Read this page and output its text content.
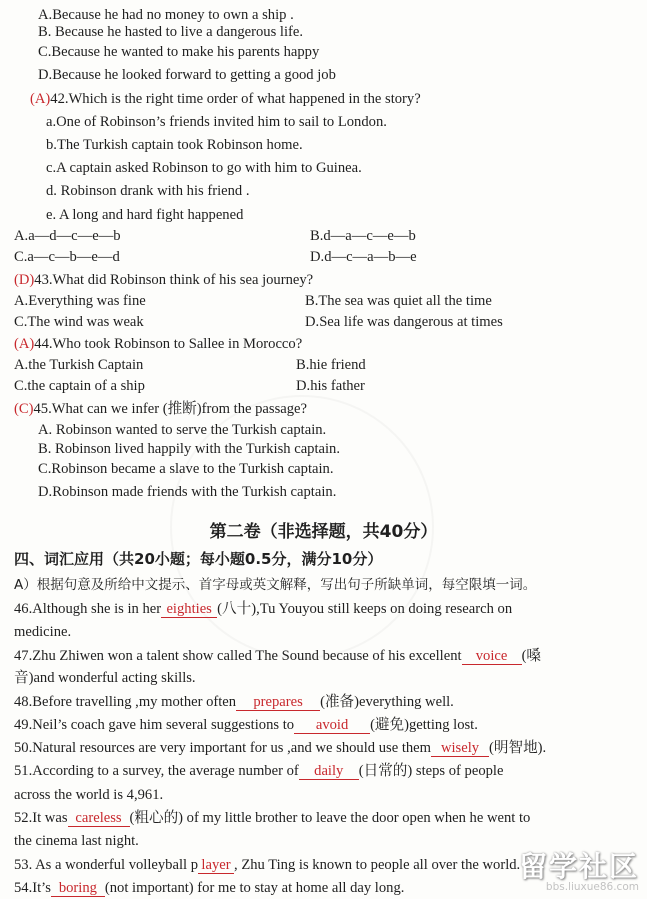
A.Because he had no money to own a ship .
B. Because he hasted to live a dangerous life.
C.Because he wanted to make his parents happy
D.Because he looked forward to getting a good job
(A)42.Which is the right time order of what happened in the story?
a.One of Robinson’s friends invited him to sail to London.
b.The Turkish captain took Robinson home.
c.A captain asked Robinson to go with him to Guinea.
d. Robinson drank with his friend .
e. A long and hard fight happened
A.a—d—c—e—b	B.d—a—c—e—b
C.a—c—b—e—d	D.d—c—a—b—e
(D)43.What did Robinson think of his sea journey?
A.Everything was fine	B.The sea was quiet all the time
C.The wind was weak	D.Sea life was dangerous at times
(A)44.Who took Robinson to Sallee in Morocco?
A.the Turkish Captain	B.hie friend
C.the captain of a ship	D.his father
(C)45.What can we infer (推断)from the passage?
A. Robinson wanted to serve the Turkish captain.
B. Robinson lived happily with the Turkish captain.
C.Robinson became a slave to the Turkish captain.
D.Robinson made friends with the Turkish captain.
第二卷（非选择题，共40分）
四、词汇应用（共20小题；每小题0.5分，满分10分）
A）根据句意及所给中文提示、首字母或英文解释，写出句子所缺单词，每空限填一词。
46.Although she is in her eighties (八十),Tu Youyou still keeps on doing research on
medicine.
47.Zhu Zhiwen won a talent show called The Sound because of his excellent voice (嗓
音)and wonderful acting skills.
48.Before travelling ,my mother often prepares (准备)everything well.
49.Neil’s coach gave him several suggestions to avoid (避免)getting lost.
50.Natural resources are very important for us ,and we should use them wisely (明智地).
51.According to a survey, the average number of daily (日常的) steps of people
across the world is 4,961.
52.It was careless (粗心的) of my little brother to leave the door open when he went to
the cinema last night.
53. As a wonderful volleyball p layer , Zhu Ting is known to people all over the world.
54.It’s boring (not important) for me to stay at home all day long.
留学社区
bbs.liuxue86.com
